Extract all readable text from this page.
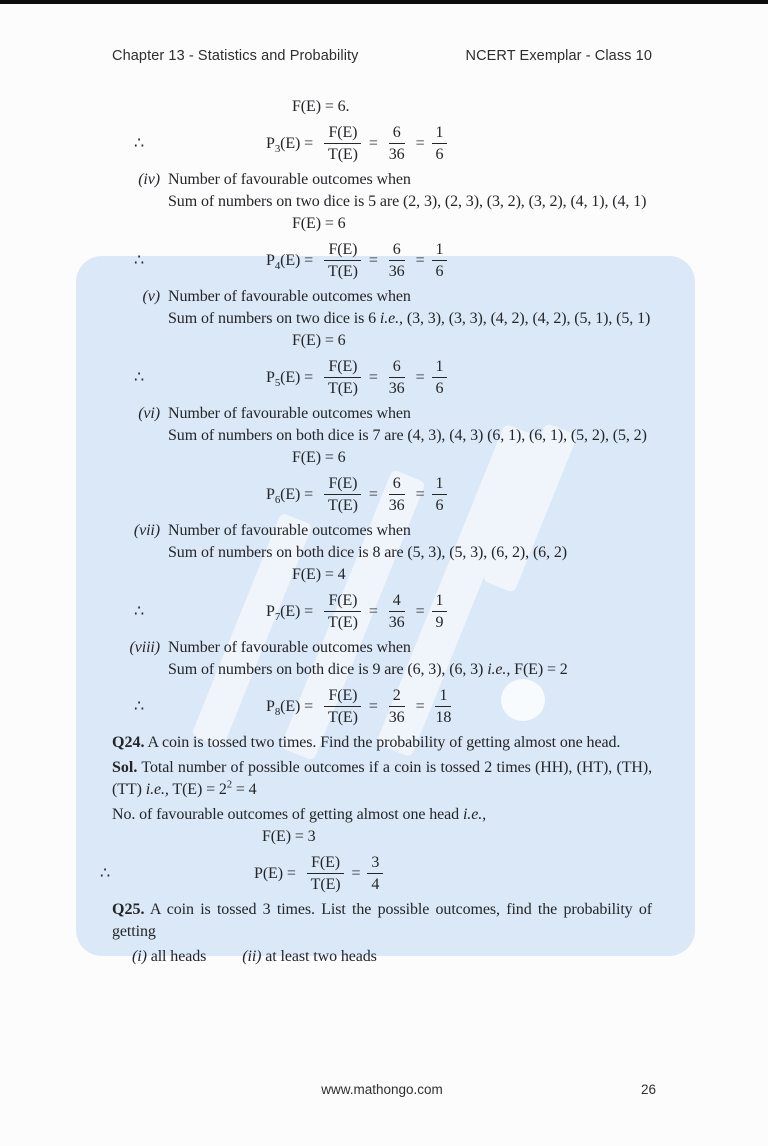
Chapter 13 - Statistics and Probability	NCERT Exemplar - Class 10
F(E) = 6.
∴	$P_3(E) = \frac{F(E)}{T(E)} = \frac{6}{36} = \frac{1}{6}$
(iv) Number of favourable outcomes when
Sum of numbers on two dice is 5 are (2, 3), (2, 3), (3, 2), (3, 2), (4, 1), (4, 1)
F(E) = 6
∴	$P_4(E) = \frac{F(E)}{T(E)} = \frac{6}{36} = \frac{1}{6}$
(v) Number of favourable outcomes when
Sum of numbers on two dice is 6 i.e., (3, 3), (3, 3), (4, 2), (4, 2), (5, 1), (5, 1)
F(E) = 6
∴	$P_5(E) = \frac{F(E)}{T(E)} = \frac{6}{36} = \frac{1}{6}$
(vi) Number of favourable outcomes when
Sum of numbers on both dice is 7 are (4, 3), (4, 3) (6, 1), (6, 1), (5, 2), (5, 2)
F(E) = 6
$P_6(E) = \frac{F(E)}{T(E)} = \frac{6}{36} = \frac{1}{6}$
(vii) Number of favourable outcomes when
Sum of numbers on both dice is 8 are (5, 3), (5, 3), (6, 2), (6, 2)
F(E) = 4
∴	$P_7(E) = \frac{F(E)}{T(E)} = \frac{4}{36} = \frac{1}{9}$
(viii) Number of favourable outcomes when
Sum of numbers on both dice is 9 are (6, 3), (6, 3) i.e., F(E) = 2
∴	$P_8(E) = \frac{F(E)}{T(E)} = \frac{2}{36} = \frac{1}{18}$
Q24. A coin is tossed two times. Find the probability of getting almost one head.
Sol. Total number of possible outcomes if a coin is tossed 2 times (HH), (HT), (TH), (TT) i.e., $T(E) = 2^2 = 4$
No. of favourable outcomes of getting almost one head i.e.,
F(E) = 3
∴	$P(E) = \frac{F(E)}{T(E)} = \frac{3}{4}$
Q25. A coin is tossed 3 times. List the possible outcomes, find the probability of getting
(i) all heads (ii) at least two heads
www.mathongo.com	26
